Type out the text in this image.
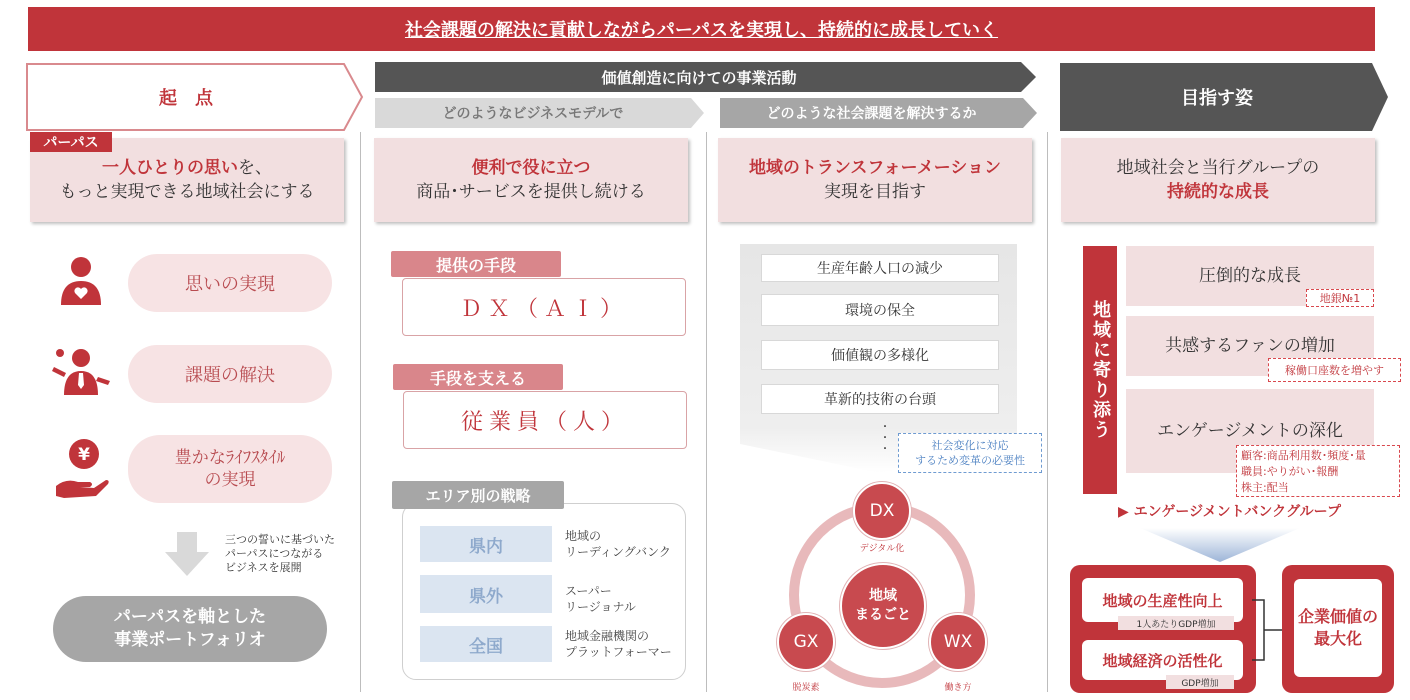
社会課題の解決に貢献しながらパーパスを実現し、持続的に成長していく
起　点
価値創造に向けての事業活動
どのようなビジネスモデルで	どのような社会課題を解決するか
目指す姿
一人ひとりの思いを、
もっと実現できる地域社会にする
パーパス
¥
思いの実現
課題の解決
豊かなﾗｲﾌｽﾀｲﾙ
の実現
三つの誓いに基づいた
パーパスにつながる
ビジネスを展開
パーパスを軸とした
事業ポートフォリオ
便利で役に立つ
商品･サービスを提供し続ける
ＤＸ（ＡＩ）
提供の手段
従業員（人）
手段を支える
エリア別の戦略
県内
地域の
リーディングバンク
県外	スーパー
リージョナル
全国
地域金融機関の
プラットフォーマー
地域のトランスフォーメーション
実現を目指す
生産年齢人口の減少
環境の保全
価値観の多様化
革新的技術の台頭
・
・
・	社会変化に対応
するため変革の必要性
地域
まるごと
DX
デジタル化
GX
脱炭素
WX
働き方
地域社会と当行グループの
持続的な成長
地域に寄り添う
圧倒的な成長
地銀№1
共感するファンの増加
稼働口座数を増やす
エンゲージメントの深化
顧客:商品利用数･頻度･量
職員:やりがい･報酬
株主:配当
▶ エンゲージメントバンクグループ
地域の生産性向上
1人あたりGDP増加
地域経済の活性化
GDP増加
企業価値の
最大化
